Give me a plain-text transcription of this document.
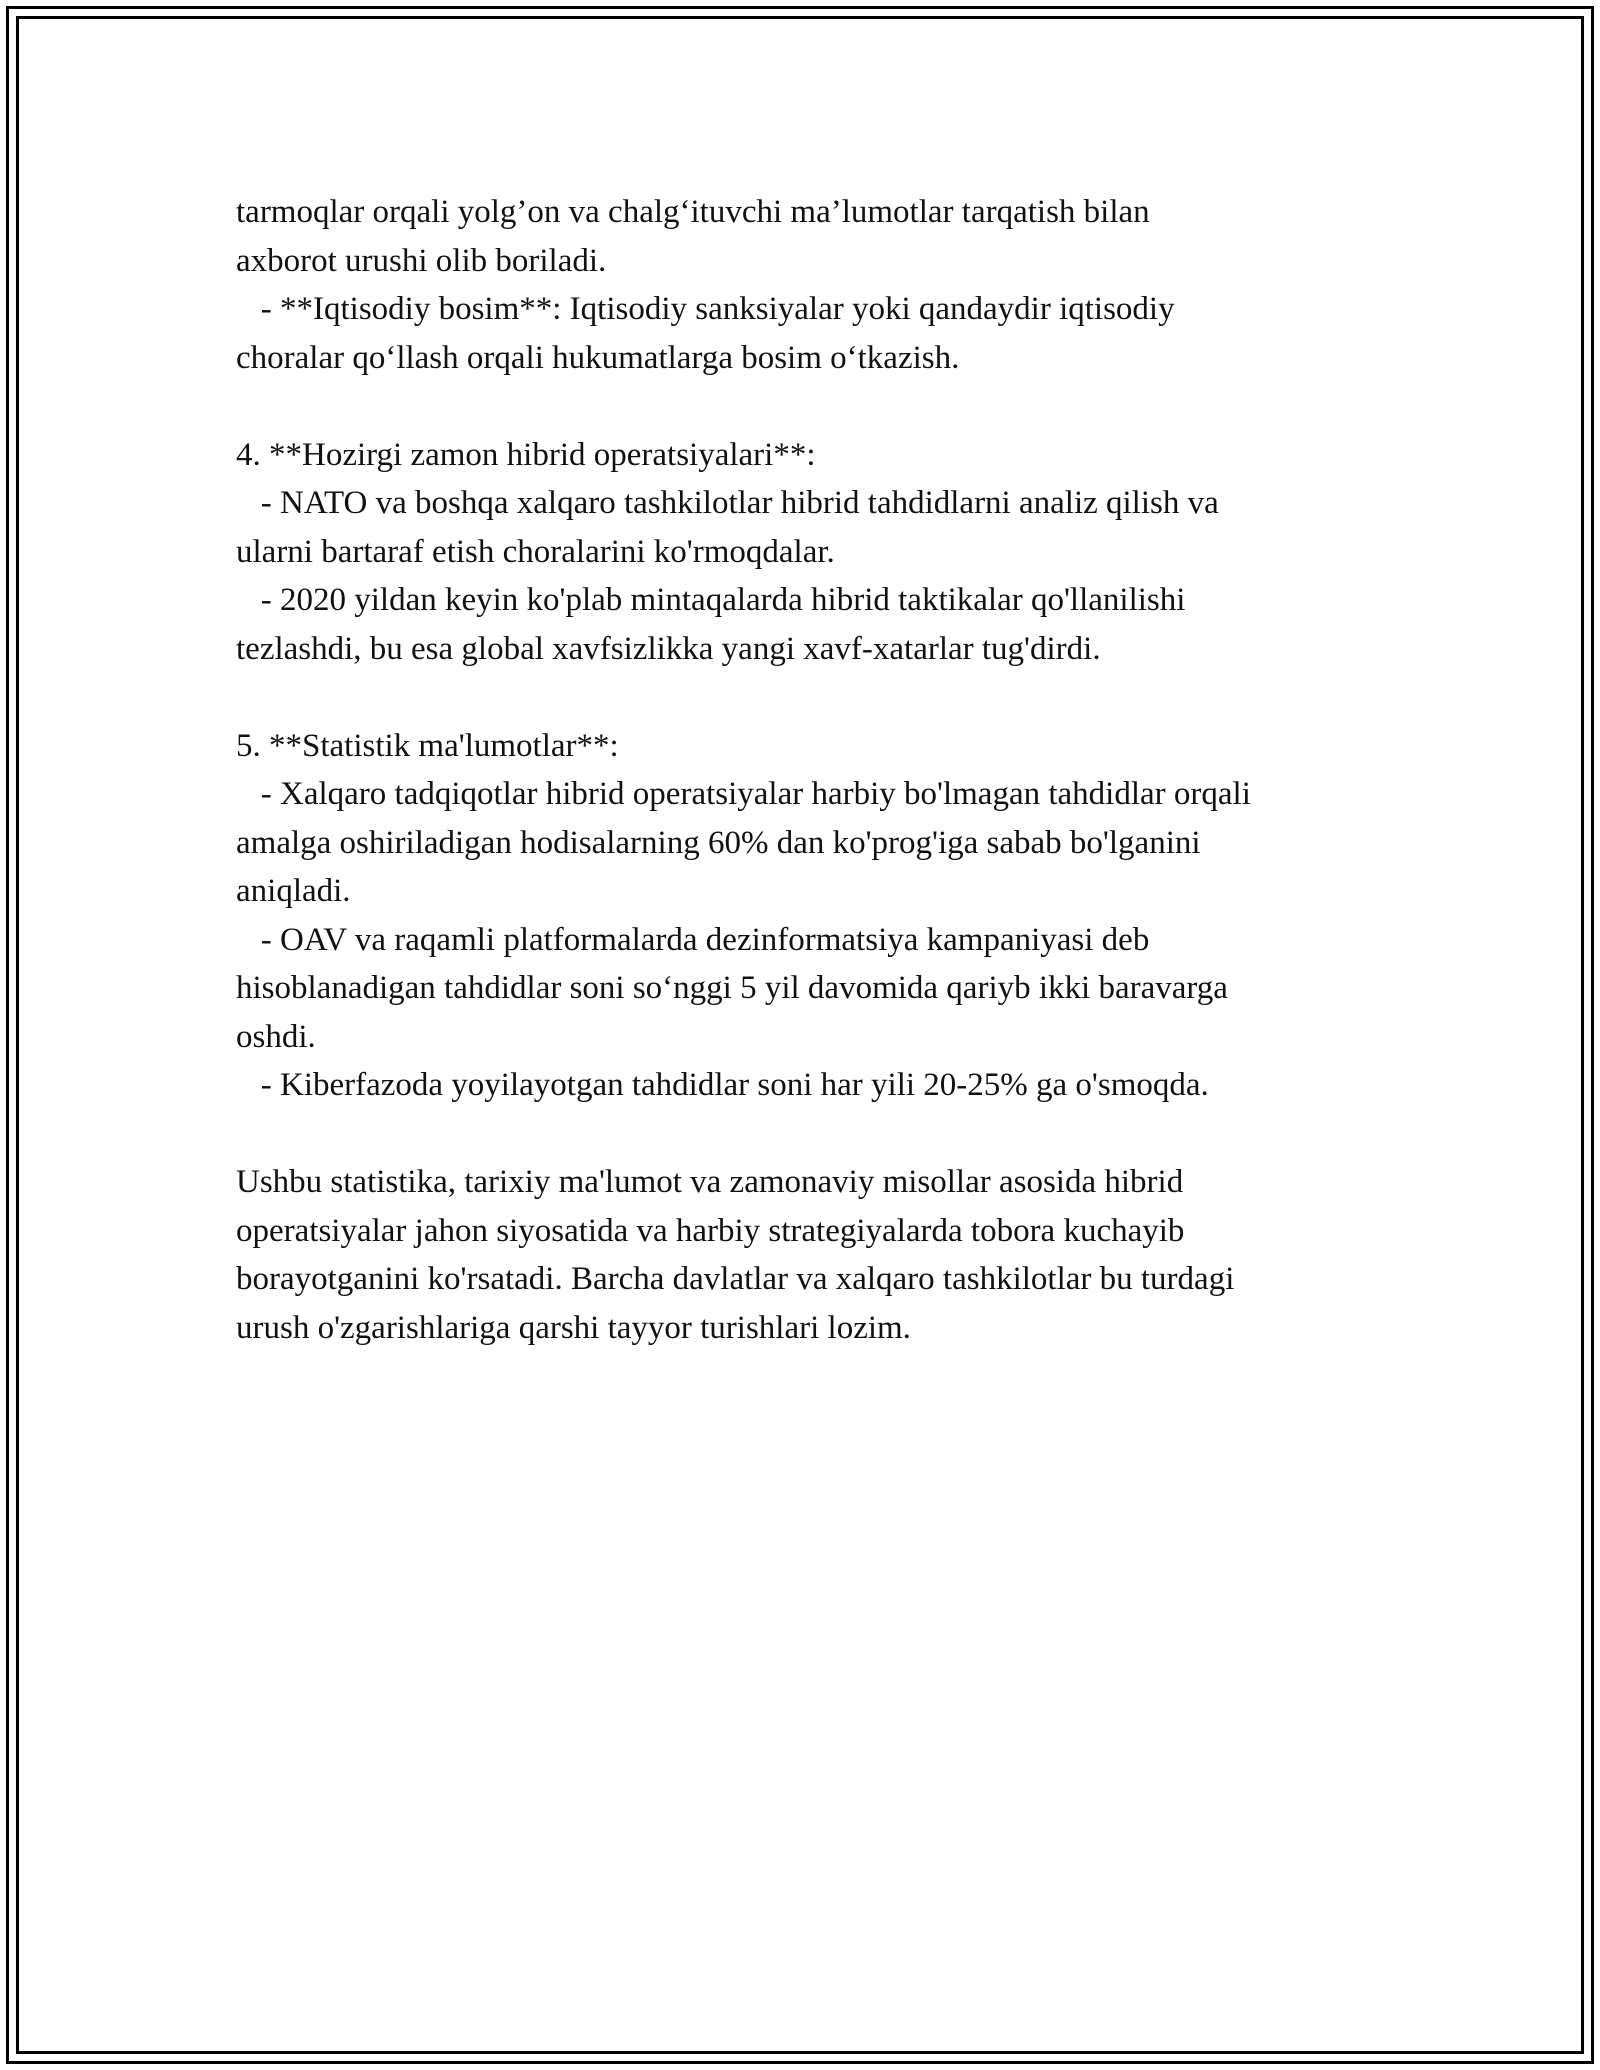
tarmoqlar orqali yolg’on va chalg‘ituvchi ma’lumotlar tarqatish bilan
axborot urushi olib boriladi.
- **Iqtisodiy bosim**: Iqtisodiy sanksiyalar yoki qandaydir iqtisodiy
choralar qo‘llash orqali hukumatlarga bosim o‘tkazish.
4. **Hozirgi zamon hibrid operatsiyalari**:
- NATO va boshqa xalqaro tashkilotlar hibrid tahdidlarni analiz qilish va
ularni bartaraf etish choralarini ko'rmoqdalar.
- 2020 yildan keyin ko'plab mintaqalarda hibrid taktikalar qo'llanilishi
tezlashdi, bu esa global xavfsizlikka yangi xavf-xatarlar tug'dirdi.
5. **Statistik ma'lumotlar**:
- Xalqaro tadqiqotlar hibrid operatsiyalar harbiy bo'lmagan tahdidlar orqali
amalga oshiriladigan hodisalarning 60% dan ko'prog'iga sabab bo'lganini
aniqladi.
- OAV va raqamli platformalarda dezinformatsiya kampaniyasi deb
hisoblanadigan tahdidlar soni so‘nggi 5 yil davomida qariyb ikki baravarga
oshdi.
- Kiberfazoda yoyilayotgan tahdidlar soni har yili 20-25% ga o'smoqda.
Ushbu statistika, tarixiy ma'lumot va zamonaviy misollar asosida hibrid
operatsiyalar jahon siyosatida va harbiy strategiyalarda tobora kuchayib
borayotganini ko'rsatadi. Barcha davlatlar va xalqaro tashkilotlar bu turdagi
urush o'zgarishlariga qarshi tayyor turishlari lozim.
